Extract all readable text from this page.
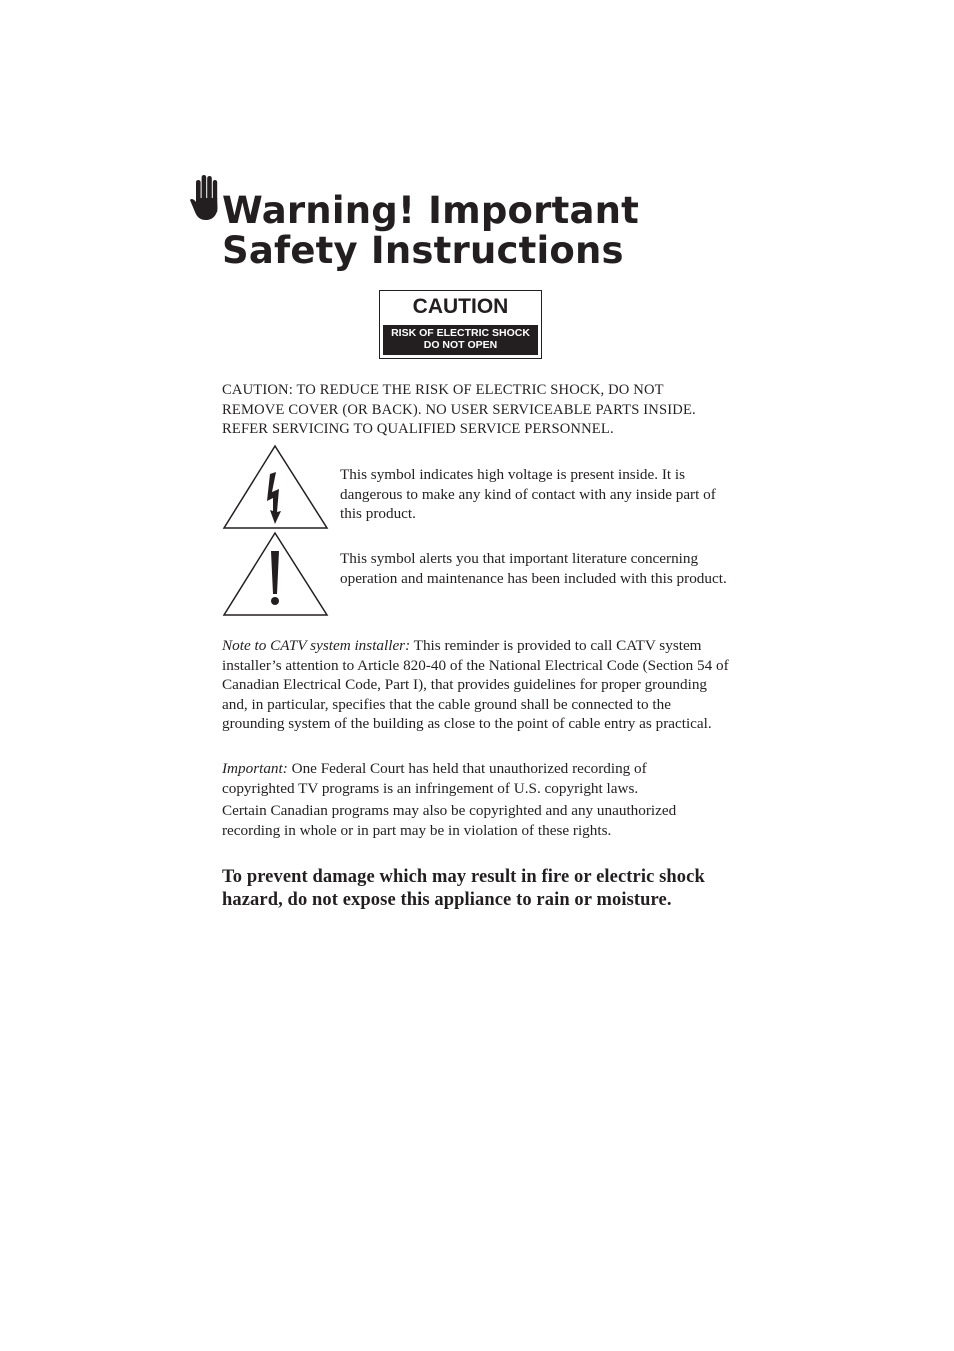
Warning! Important
Safety Instructions
CAUTION
RISK OF ELECTRIC SHOCK
DO NOT OPEN
CAUTION: TO REDUCE THE RISK OF ELECTRIC SHOCK, DO NOT
REMOVE COVER (OR BACK). NO USER SERVICEABLE PARTS INSIDE.
REFER SERVICING TO QUALIFIED SERVICE PERSONNEL.
This symbol indicates high voltage is present inside. It is
dangerous to make any kind of contact with any inside part of
this product.
This symbol alerts you that important literature concerning
operation and maintenance has been included with this product.
Note to CATV system installer: This reminder is provided to call CATV system
installer’s attention to Article 820-40 of the National Electrical Code (Section 54 of
Canadian Electrical Code, Part I), that provides guidelines for proper grounding
and, in particular, specifies that the cable ground shall be connected to the
grounding system of the building as close to the point of cable entry as practical.
Important: One Federal Court has held that unauthorized recording of
copyrighted TV programs is an infringement of U.S. copyright laws.
Certain Canadian programs may also be copyrighted and any unauthorized
recording in whole or in part may be in violation of these rights.
To prevent damage which may result in fire or electric shock
hazard, do not expose this appliance to rain or moisture.
